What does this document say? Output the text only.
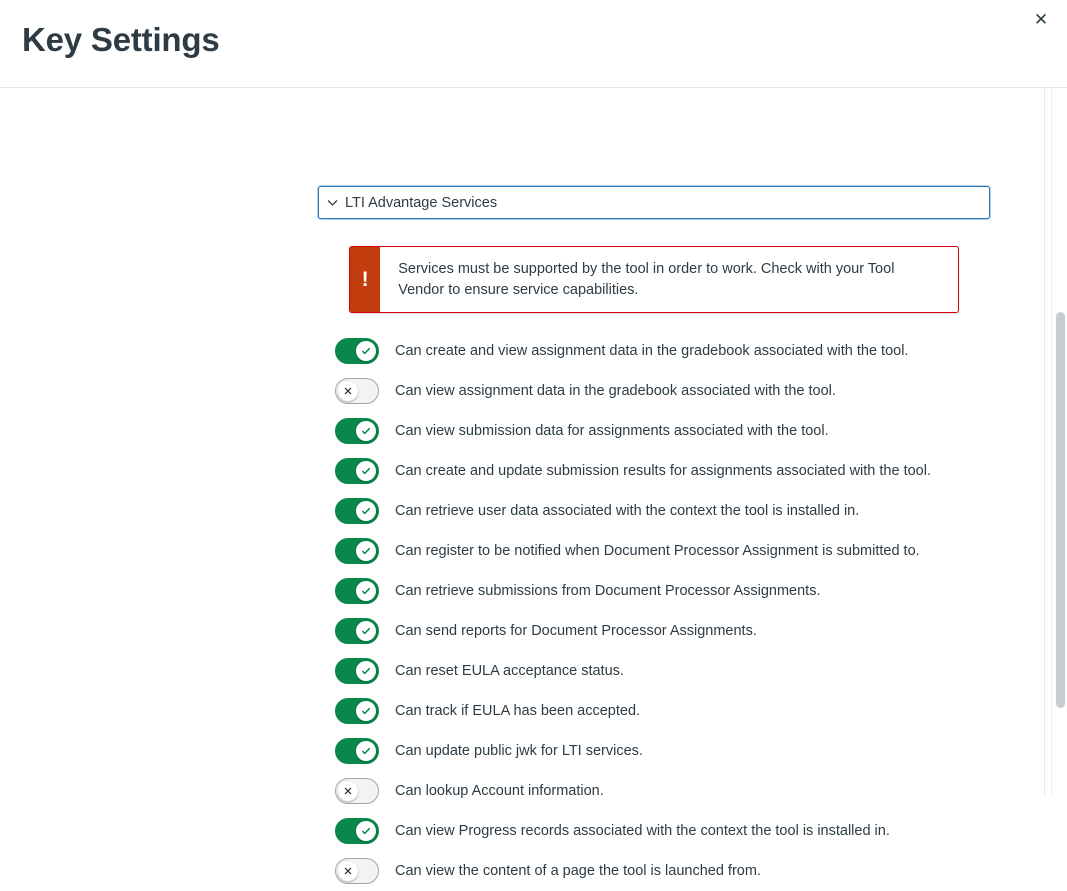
Key Settings
✕
LTI Advantage Services
!	Services must be supported by the tool in order to work. Check with your Tool Vendor to ensure service capabilities.
Can create and view assignment data in the gradebook associated with the tool.
Can view assignment data in the gradebook associated with the tool.
Can view submission data for assignments associated with the tool.
Can create and update submission results for assignments associated with the tool.
Can retrieve user data associated with the context the tool is installed in.
Can register to be notified when Document Processor Assignment is submitted to.
Can retrieve submissions from Document Processor Assignments.
Can send reports for Document Processor Assignments.
Can reset EULA acceptance status.
Can track if EULA has been accepted.
Can update public jwk for LTI services.
Can lookup Account information.
Can view Progress records associated with the context the tool is installed in.
Can view the content of a page the tool is launched from.
